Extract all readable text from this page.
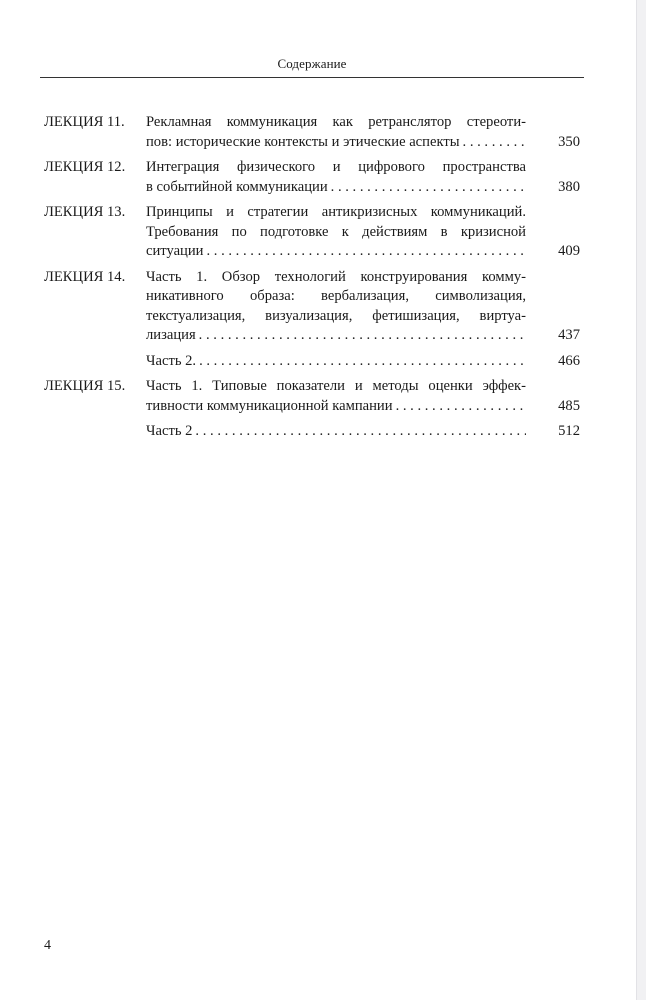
Содержание
ЛЕКЦИЯ 11. Рекламная коммуникация как ретранслятор стереоти-
пов: исторические контексты и этические аспекты . . .	350
ЛЕКЦИЯ 12. Интеграция физического и цифрового пространства
в событийной коммуникации . . .	380
ЛЕКЦИЯ 13. Принципы и стратегии антикризисных коммуникаций.
Требования по подготовке к действиям в кризисной
ситуации . . .	409
ЛЕКЦИЯ 14. Часть 1. Обзор технологий конструирования комму-
никативного образа: вербализация, символизация,
текстуализация, визуализация, фетишизация, виртуа-
лизация . . .	437
Часть 2. . . .	466
ЛЕКЦИЯ 15. Часть 1. Типовые показатели и методы оценки эффек-
тивности коммуникационной кампании . . .	485
Часть 2 . . .	512
4
